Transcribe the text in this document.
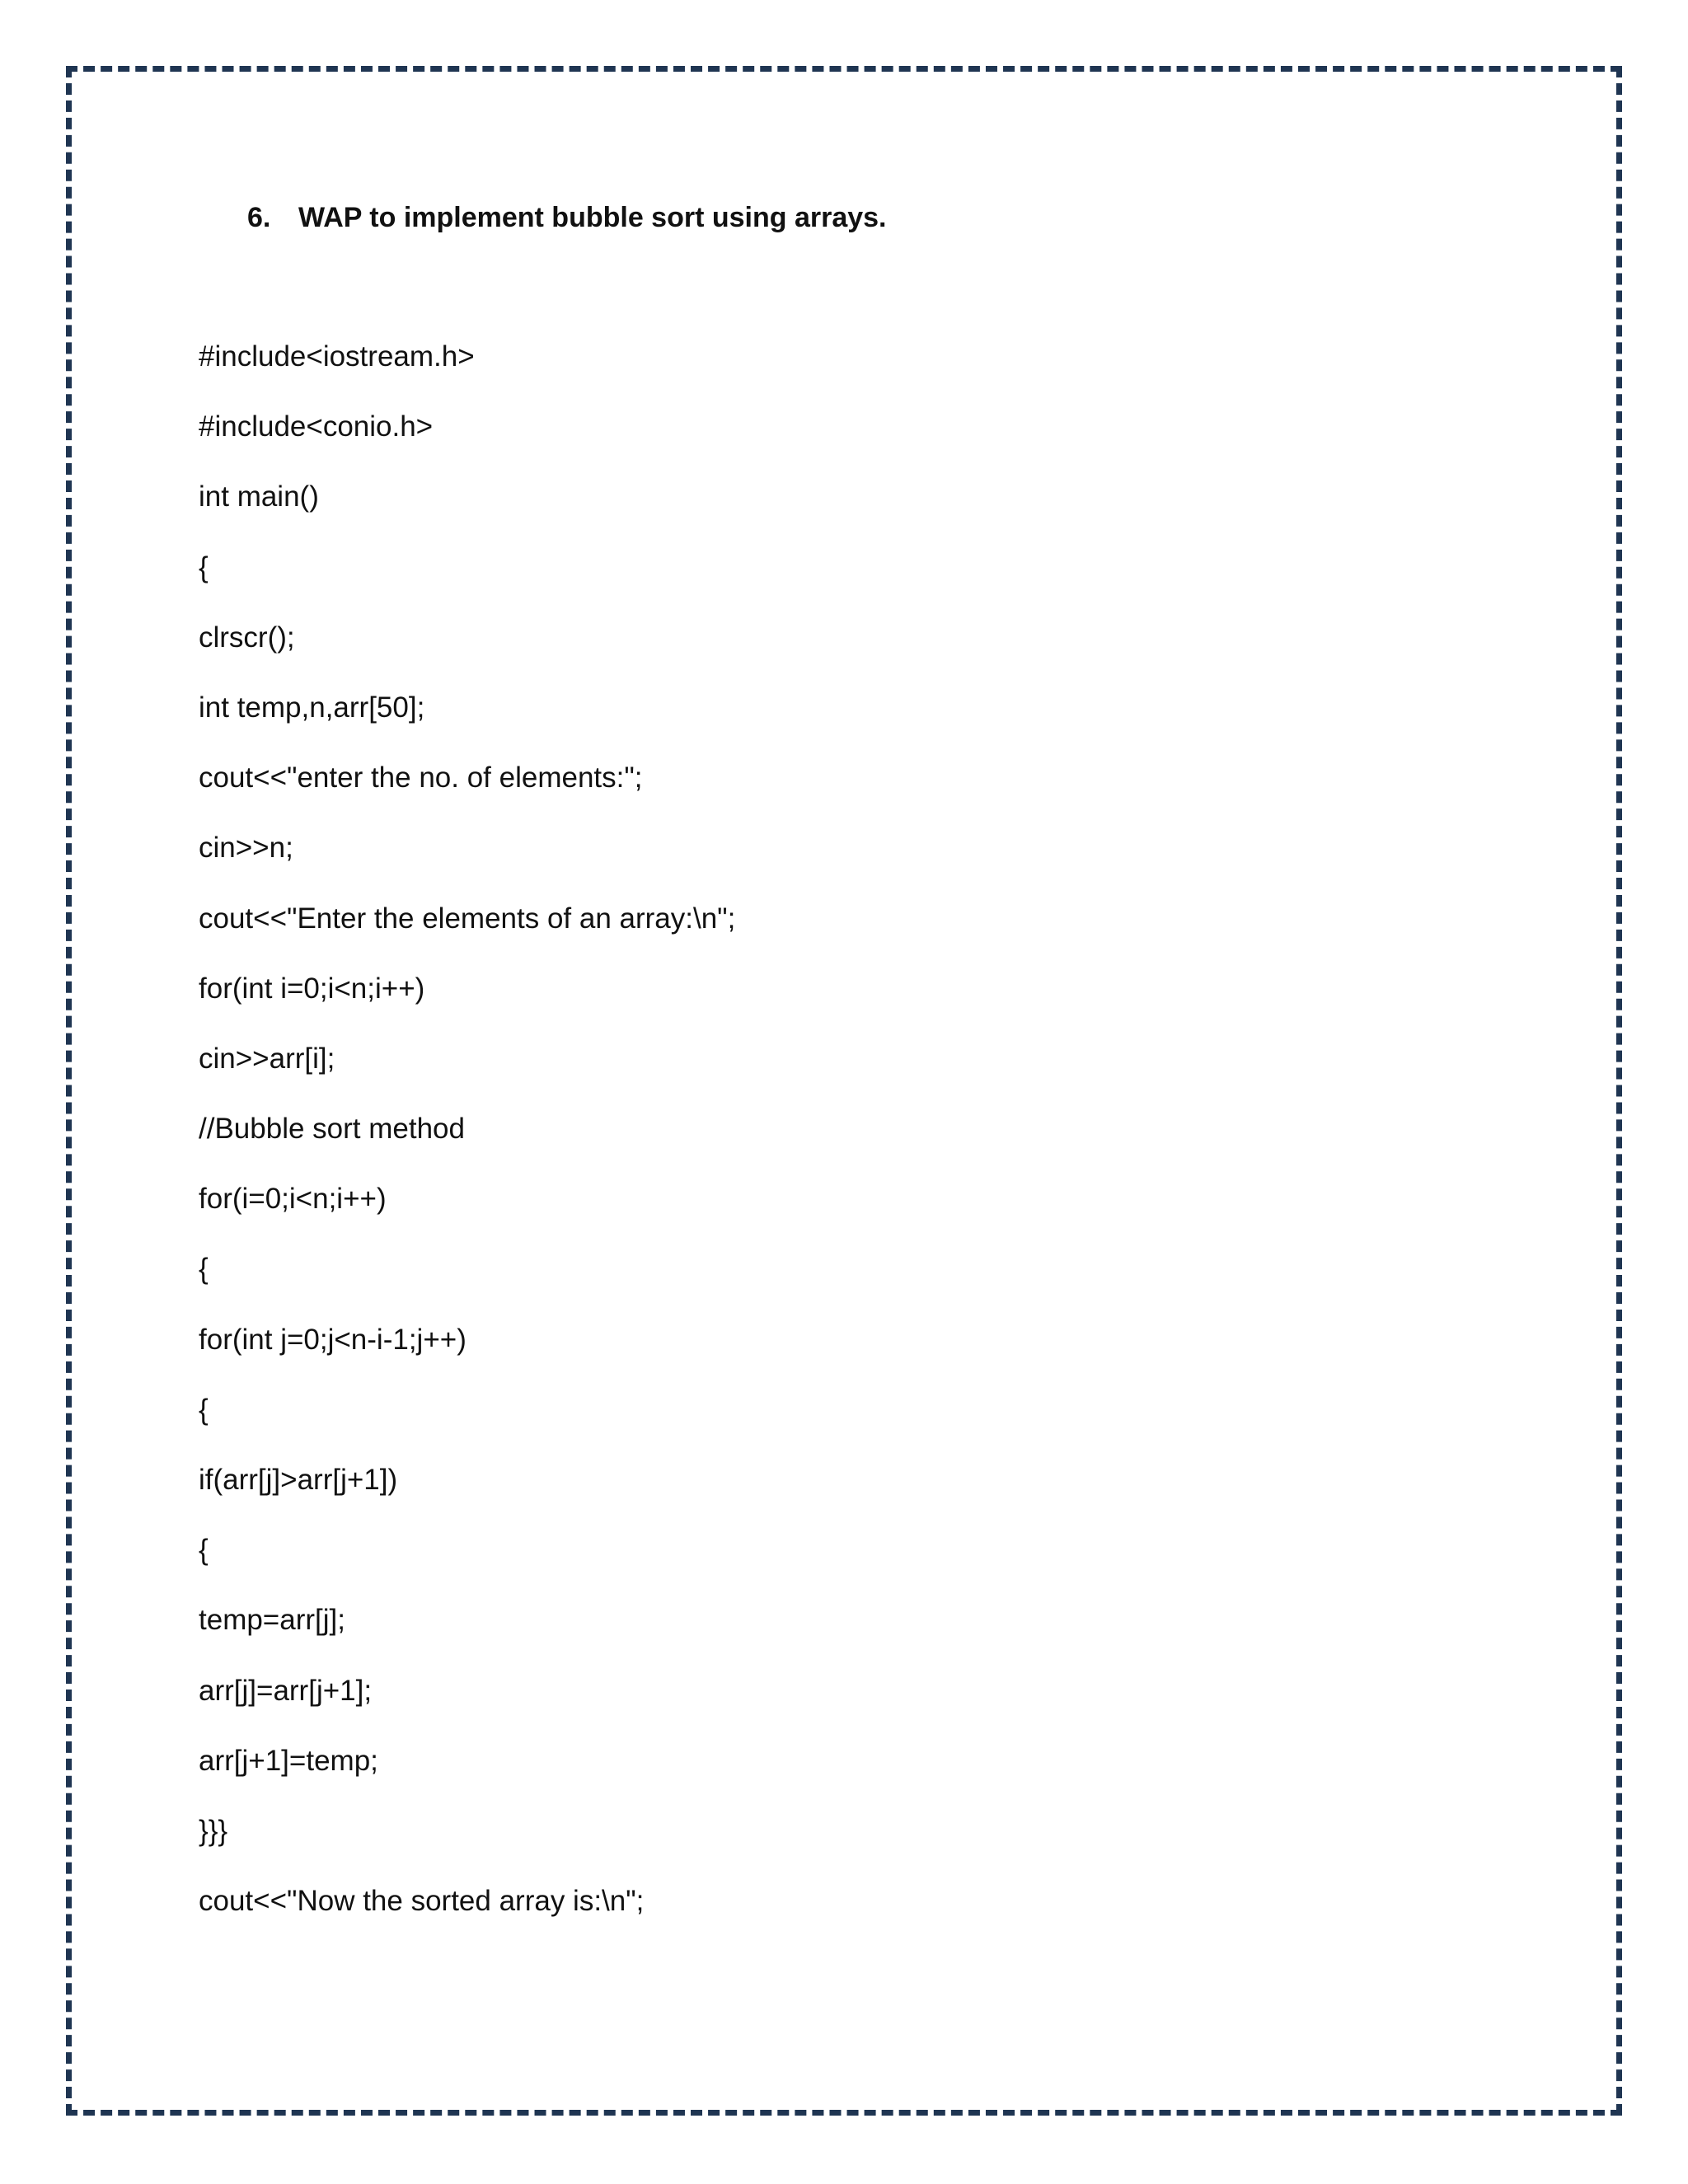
6. WAP to implement bubble sort using arrays.
#include<iostream.h>
#include<conio.h>
int main()
{
clrscr();
int temp,n,arr[50];
cout<<"enter the no. of elements:";
cin>>n;
cout<<"Enter the elements of an array:\n";
for(int i=0;i<n;i++)
cin>>arr[i];
//Bubble sort method
for(i=0;i<n;i++)
{
for(int j=0;j<n-i-1;j++)
{
if(arr[j]>arr[j+1])
{
temp=arr[j];
arr[j]=arr[j+1];
arr[j+1]=temp;
}}}
cout<<"Now the sorted array is:\n";
